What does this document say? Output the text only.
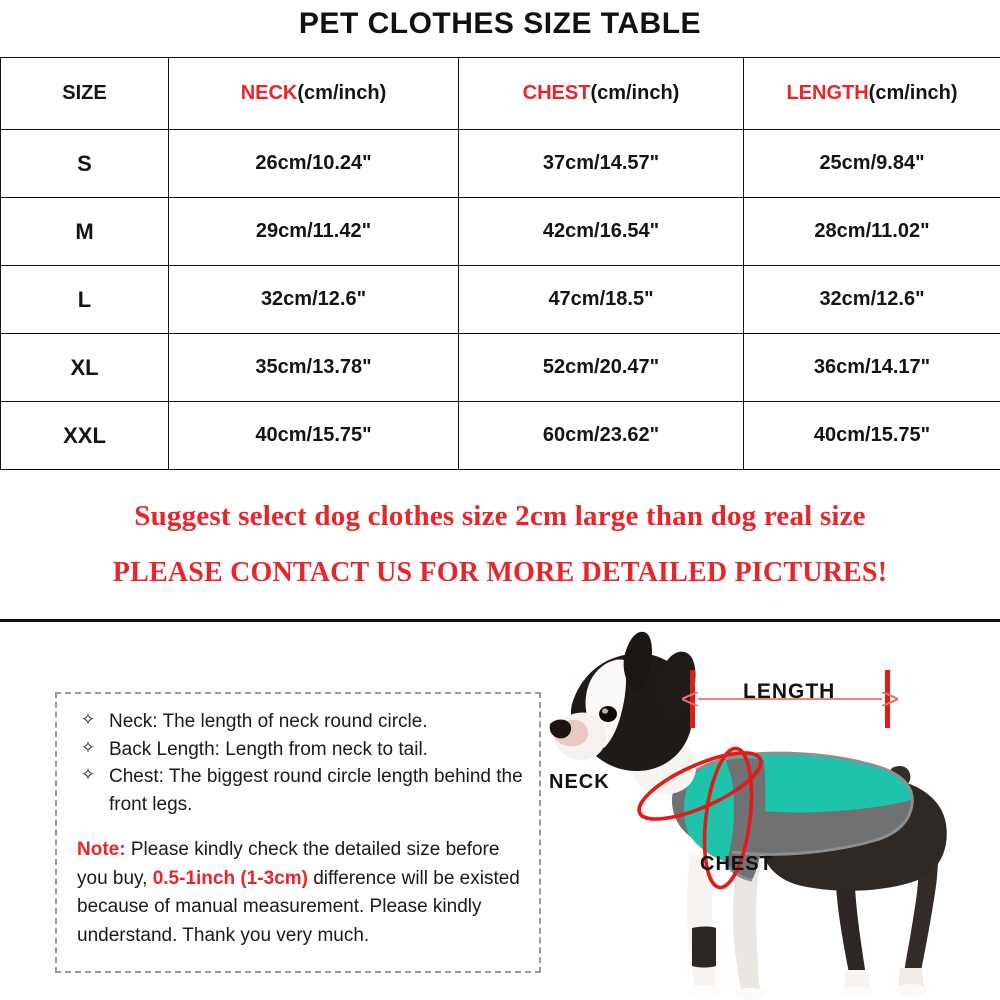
PET CLOTHES SIZE TABLE
SIZE	NECK(cm/inch)	CHEST(cm/inch)	LENGTH(cm/inch)
S	26cm/10.24"	37cm/14.57"	25cm/9.84"
M	29cm/11.42"	42cm/16.54"	28cm/11.02"
L	32cm/12.6"	47cm/18.5"	32cm/12.6"
XL	35cm/13.78"	52cm/20.47"	36cm/14.17"
XXL	40cm/15.75"	60cm/23.62"	40cm/15.75"
Suggest select dog clothes size 2cm large than dog real size
PLEASE CONTACT US FOR MORE DETAILED PICTURES!
✧ Neck: The length of neck round circle.
✧ Back Length: Length from neck to tail.
✧ Chest: The biggest round circle length behind the front legs.
Note: Please kindly check the detailed size before you buy, 0.5-1inch (1-3cm) difference will be existed because of manual measurement. Please kindly understand. Thank you very much.
LENGTH
NECK
CHEST
